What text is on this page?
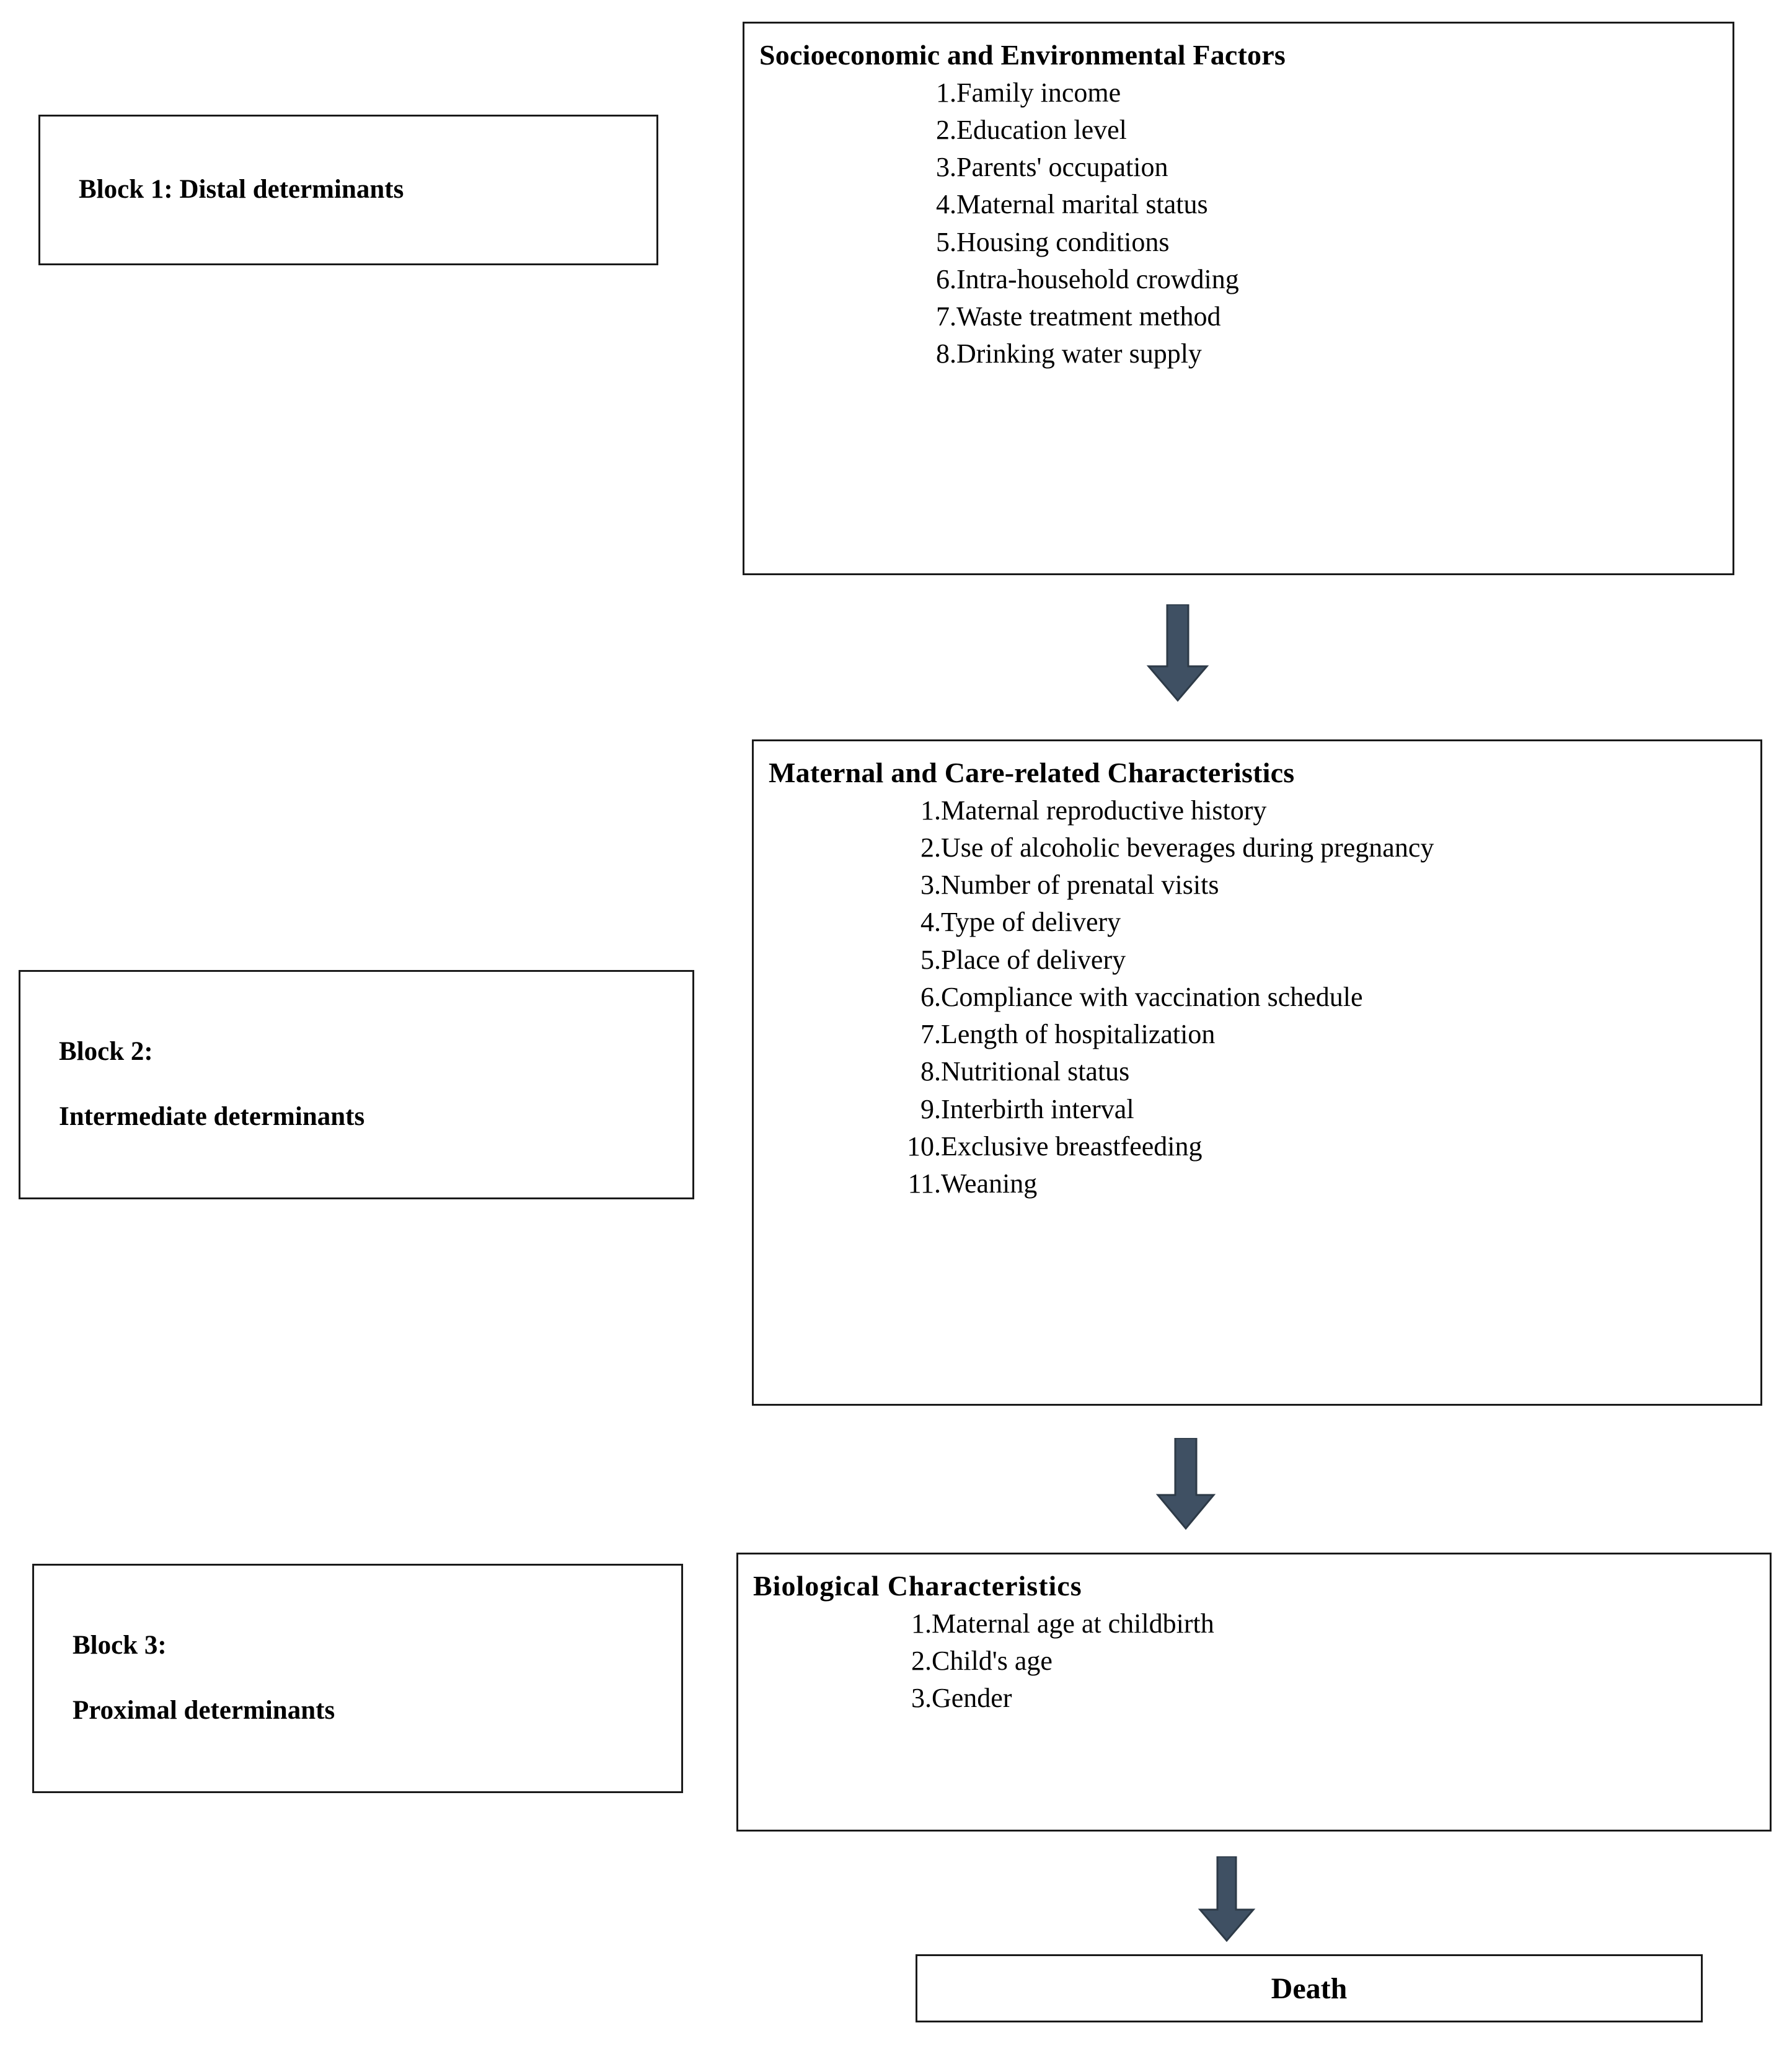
Block 1: Distal determinants
Block 2:
Intermediate determinants
Block 3:
Proximal determinants
Socioeconomic and Environmental Factors
1. Family income
2. Education level
3. Parents' occupation
4. Maternal marital status
5. Housing conditions
6. Intra-household crowding
7. Waste treatment method
8. Drinking water supply
Maternal and Care-related Characteristics
1. Maternal reproductive history
2. Use of alcoholic beverages during pregnancy
3. Number of prenatal visits
4. Type of delivery
5. Place of delivery
6. Compliance with vaccination schedule
7. Length of hospitalization
8. Nutritional status
9. Interbirth interval
10. Exclusive breastfeeding
11. Weaning
Biological Characteristics
1. Maternal age at childbirth
2. Child's age
3. Gender
Death
